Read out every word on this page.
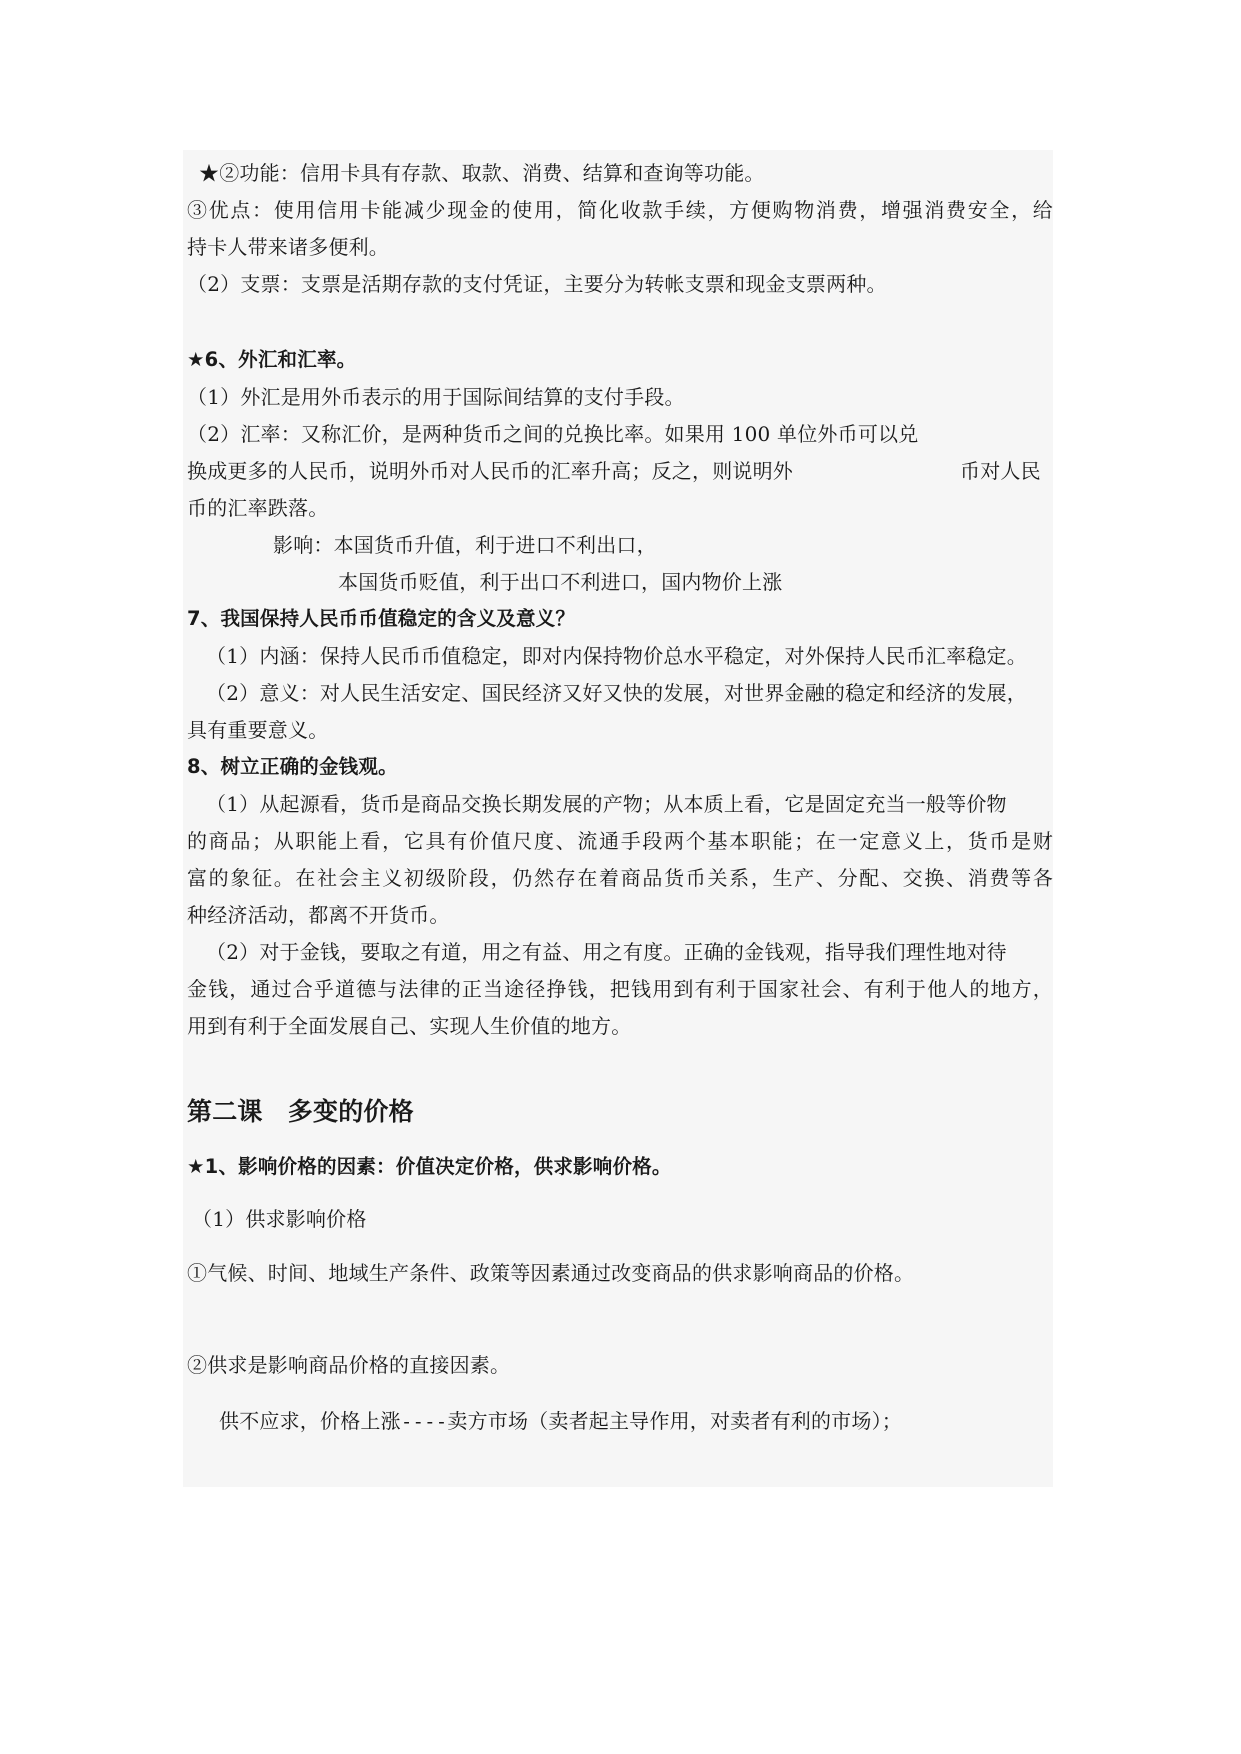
★②功能：信用卡具有存款、取款、消费、结算和查询等功能。
③优点：使用信用卡能减少现金的使用，简化收款手续，方便购物消费，增强消费安全，给
持卡人带来诸多便利。
（2）支票：支票是活期存款的支付凭证，主要分为转帐支票和现金支票两种。
★6、外汇和汇率。
（1）外汇是用外币表示的用于国际间结算的支付手段。
（2）汇率：又称汇价，是两种货币之间的兑换比率。如果用 100 单位外币可以兑
换成更多的人民币，说明外币对人民币的汇率升高；反之，则说明外	币对人民
币的汇率跌落。
影响：本国货币升值，利于进口不利出口，
本国货币贬值，利于出口不利进口，国内物价上涨
7、我国保持人民币币值稳定的含义及意义？
（1）内涵：保持人民币币值稳定，即对内保持物价总水平稳定，对外保持人民币汇率稳定。
（2）意义：对人民生活安定、国民经济又好又快的发展，对世界金融的稳定和经济的发展，
具有重要意义。
8、树立正确的金钱观。
（1）从起源看，货币是商品交换长期发展的产物；从本质上看，它是固定充当一般等价物
的商品；从职能上看，它具有价值尺度、流通手段两个基本职能；在一定意义上，货币是财
富的象征。在社会主义初级阶段，仍然存在着商品货币关系，生产、分配、交换、消费等各
种经济活动，都离不开货币。
（2）对于金钱，要取之有道，用之有益、用之有度。正确的金钱观，指导我们理性地对待
金钱，通过合乎道德与法律的正当途径挣钱，把钱用到有利于国家社会、有利于他人的地方，
用到有利于全面发展自己、实现人生价值的地方。
第二课　多变的价格
★1、影响价格的因素：价值决定价格，供求影响价格。
（1）供求影响价格
①气候、时间、地域生产条件、政策等因素通过改变商品的供求影响商品的价格。
②供求是影响商品价格的直接因素。
供不应求，价格上涨----卖方市场（卖者起主导作用，对卖者有利的市场）；
